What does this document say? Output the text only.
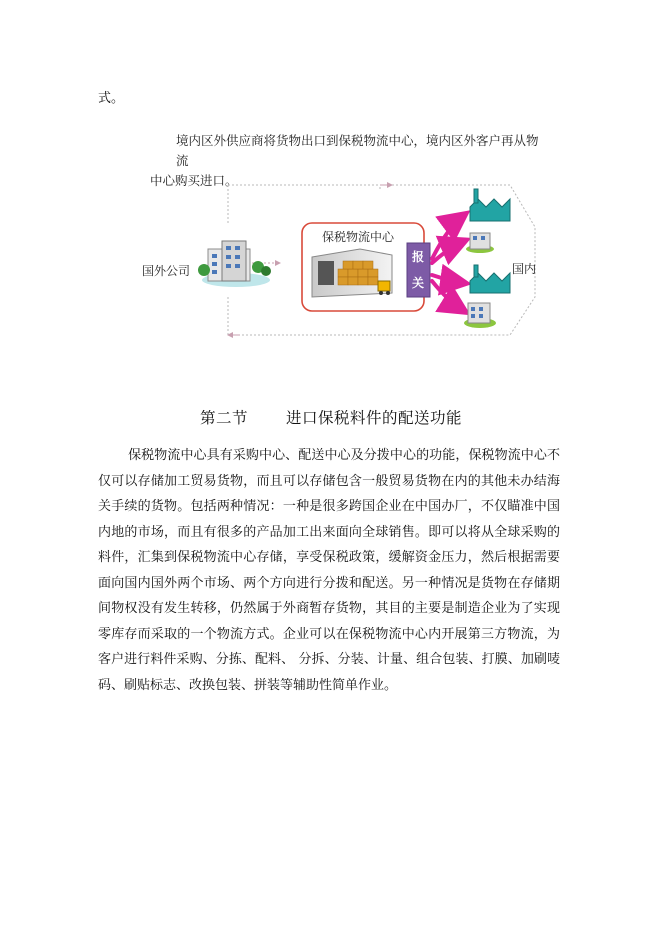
式。
境内区外供应商将货物出口到保税物流中心，境内区外客户再从物流
中心购买进口。
国外公司
保税物流中心
报
关
国内
第二节 进口保税料件的配送功能
保税物流中心具有采购中心、配送中心及分拨中心的功能，保税物流中心不仅可以存储加工贸易货物，而且可以存储包含一般贸易货物在内的其他未办结海关手续的货物。包括两种情况：一种是很多跨国企业在中国办厂，不仅瞄准中国内地的市场，而且有很多的产品加工出来面向全球销售。即可以将从全球采购的料件，汇集到保税物流中心存储，享受保税政策，缓解资金压力，然后根据需要面向国内国外两个市场、两个方向进行分拨和配送。另一种情况是货物在存储期间物权没有发生转移，仍然属于外商暂存货物，其目的主要是制造企业为了实现零库存而采取的一个物流方式。企业可以在保税物流中心内开展第三方物流，为客户进行料件采购、分拣、配料、 分拆、分装、计量、组合包装、打膜、加刷唛码、刷贴标志、改换包装、拼装等辅助性简单作业。
